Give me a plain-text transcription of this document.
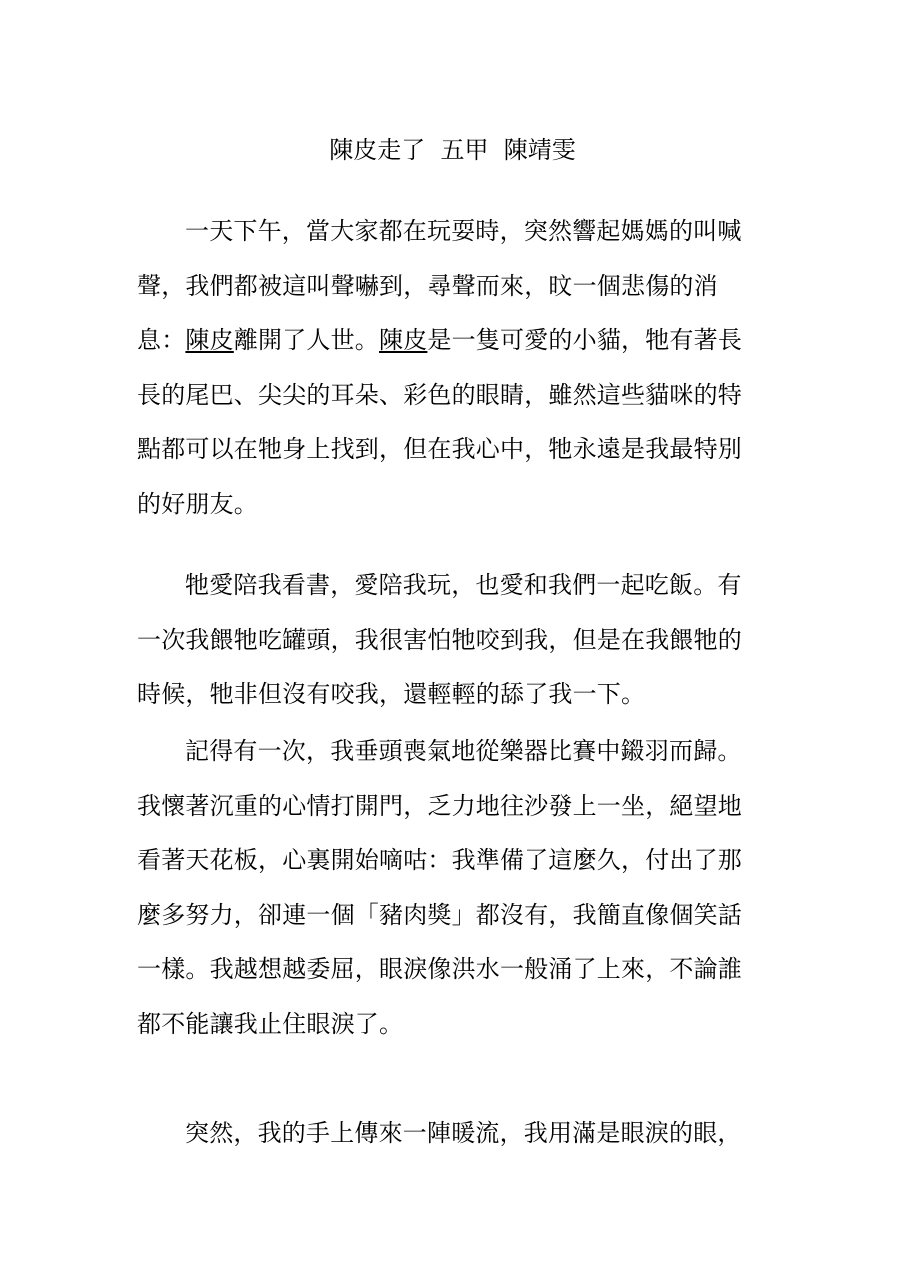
陳皮走了  五甲  陳靖雯

一天下午，當大家都在玩耍時，突然響起媽媽的叫喊聲，我們都被這叫聲嚇到，尋聲而來，旼一個悲傷的消息：陳皮離開了人世。陳皮是一隻可愛的小貓，牠有著長長的尾巴、尖尖的耳朵、彩色的眼睛，雖然這些貓咪的特點都可以在牠身上找到，但在我心中，牠永遠是我最特別的好朋友。

牠愛陪我看書，愛陪我玩，也愛和我們一起吃飯。有一次我餵牠吃罐頭，我很害怕牠咬到我，但是在我餵牠的時候，牠非但沒有咬我，還輕輕的舔了我一下。

記得有一次，我垂頭喪氣地從樂器比賽中鎩羽而歸。我懷著沉重的心情打開門，乏力地往沙發上一坐，絕望地看著天花板，心裏開始嘀咕：我準備了這麼久，付出了那麼多努力，卻連一個「豬肉獎」都沒有，我簡直像個笑話一樣。我越想越委屈，眼淚像洪水一般涌了上來，不論誰都不能讓我止住眼淚了。

突然，我的手上傳來一陣暖流，我用滿是眼淚的眼，
